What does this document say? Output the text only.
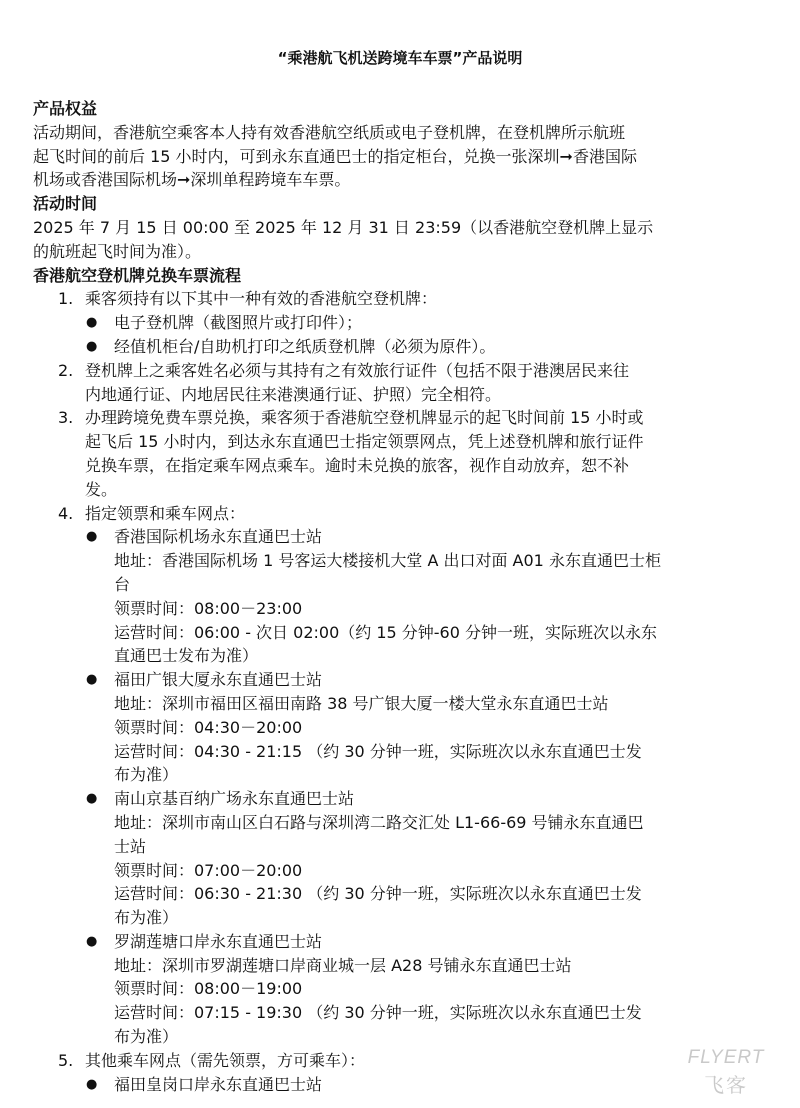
“乘港航飞机送跨境车车票”产品说明

产品权益

活动期间，香港航空乘客本人持有效香港航空纸质或电子登机牌，在登机牌所示航班

起飞时间的前后 15 小时内，可到永东直通巴士的指定柜台，兑换一张深圳➞香港国际

机场或香港国际机场➞深圳单程跨境车车票。

活动时间

2025 年 7 月 15 日 00:00 至 2025 年 12 月 31 日 23:59（以香港航空登机牌上显示

的航班起飞时间为准）。

香港航空登机牌兑换车票流程

1. 乘客须持有以下其中一种有效的香港航空登机牌：

● 电子登机牌（截图照片或打印件）；

● 经值机柜台/自助机打印之纸质登机牌（必须为原件）。

2. 登机牌上之乘客姓名必须与其持有之有效旅行证件（包括不限于港澳居民来往

内地通行证、内地居民往来港澳通行证、护照）完全相符。

3. 办理跨境免费车票兑换，乘客须于香港航空登机牌显示的起飞时间前 15 小时或

起飞后 15 小时内，到达永东直通巴士指定领票网点，凭上述登机牌和旅行证件

兑换车票，在指定乘车网点乘车。逾时未兑换的旅客，视作自动放弃，恕不补

发。

4. 指定领票和乘车网点：

● 香港国际机场永东直通巴士站

地址：香港国际机场 1 号客运大楼接机大堂 A 出口对面 A01 永东直通巴士柜

台

领票时间：08:00－23:00

运营时间：06:00 - 次日 02:00（约 15 分钟-60 分钟一班，实际班次以永东

直通巴士发布为准）

● 福田广银大厦永东直通巴士站

地址：深圳市福田区福田南路 38 号广银大厦一楼大堂永东直通巴士站

领票时间：04:30－20:00

运营时间：04:30 - 21:15 （约 30 分钟一班，实际班次以永东直通巴士发

布为准）

● 南山京基百纳广场永东直通巴士站

地址：深圳市南山区白石路与深圳湾二路交汇处 L1-66-69 号铺永东直通巴

士站

领票时间：07:00－20:00

运营时间：06:30 - 21:30 （约 30 分钟一班，实际班次以永东直通巴士发

布为准）

● 罗湖莲塘口岸永东直通巴士站

地址：深圳市罗湖莲塘口岸商业城一层 A28 号铺永东直通巴士站

领票时间：08:00－19:00

运营时间：07:15 - 19:30 （约 30 分钟一班，实际班次以永东直通巴士发

布为准）

5. 其他乘车网点（需先领票，方可乘车）：

● 福田皇岗口岸永东直通巴士站

FLYERT
飞客
